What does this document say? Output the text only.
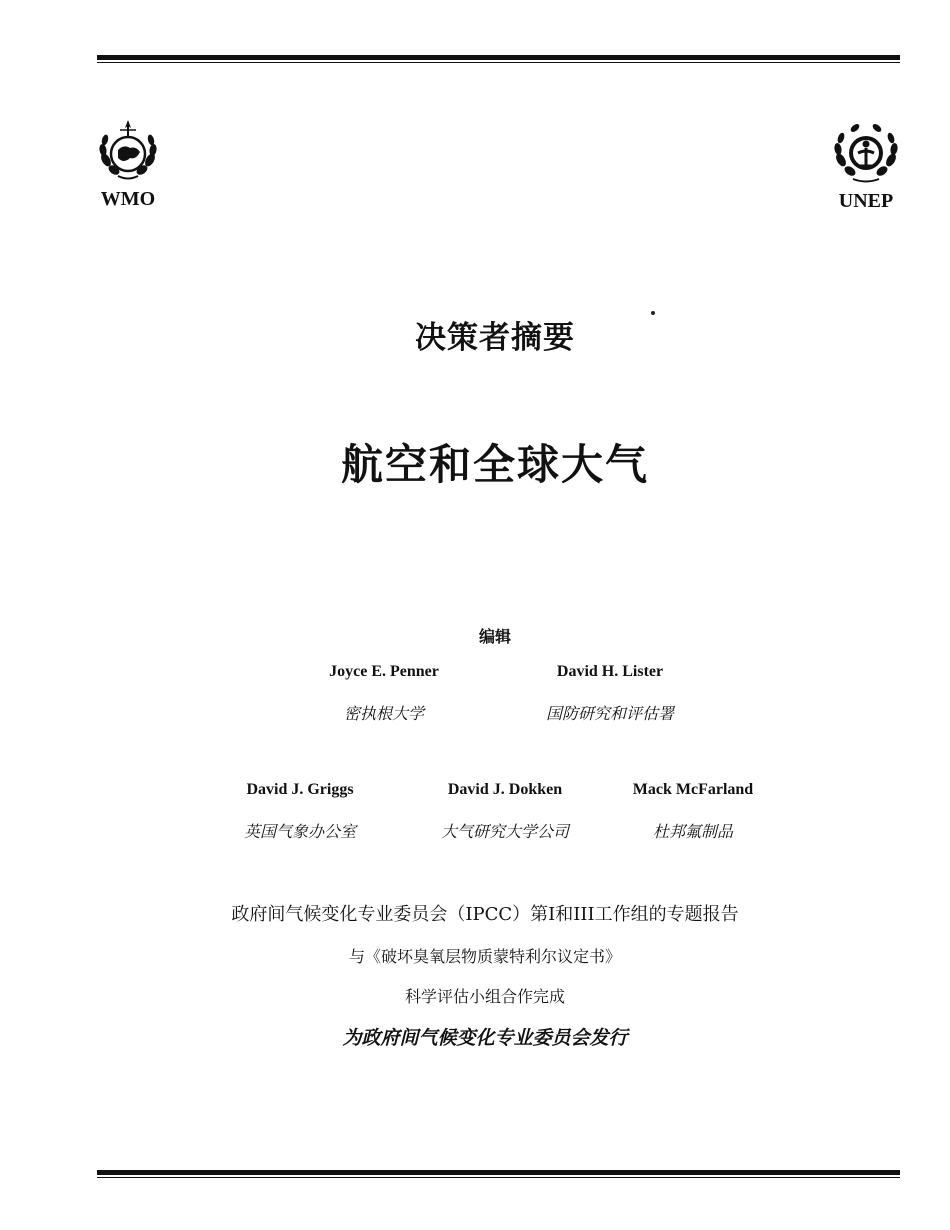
WMO	UNEP
决策者摘要
航空和全球大气
编辑
Joyce E. Penner
密执根大学
David H. Lister
国防研究和评估署
David J. Griggs
英国气象办公室
David J. Dokken
大气研究大学公司
Mack McFarland
杜邦氟制品
政府间气候变化专业委员会（IPCC）第I和III工作组的专题报告
与《破坏臭氧层物质蒙特利尔议定书》
科学评估小组合作完成
为政府间气候变化专业委员会发行
